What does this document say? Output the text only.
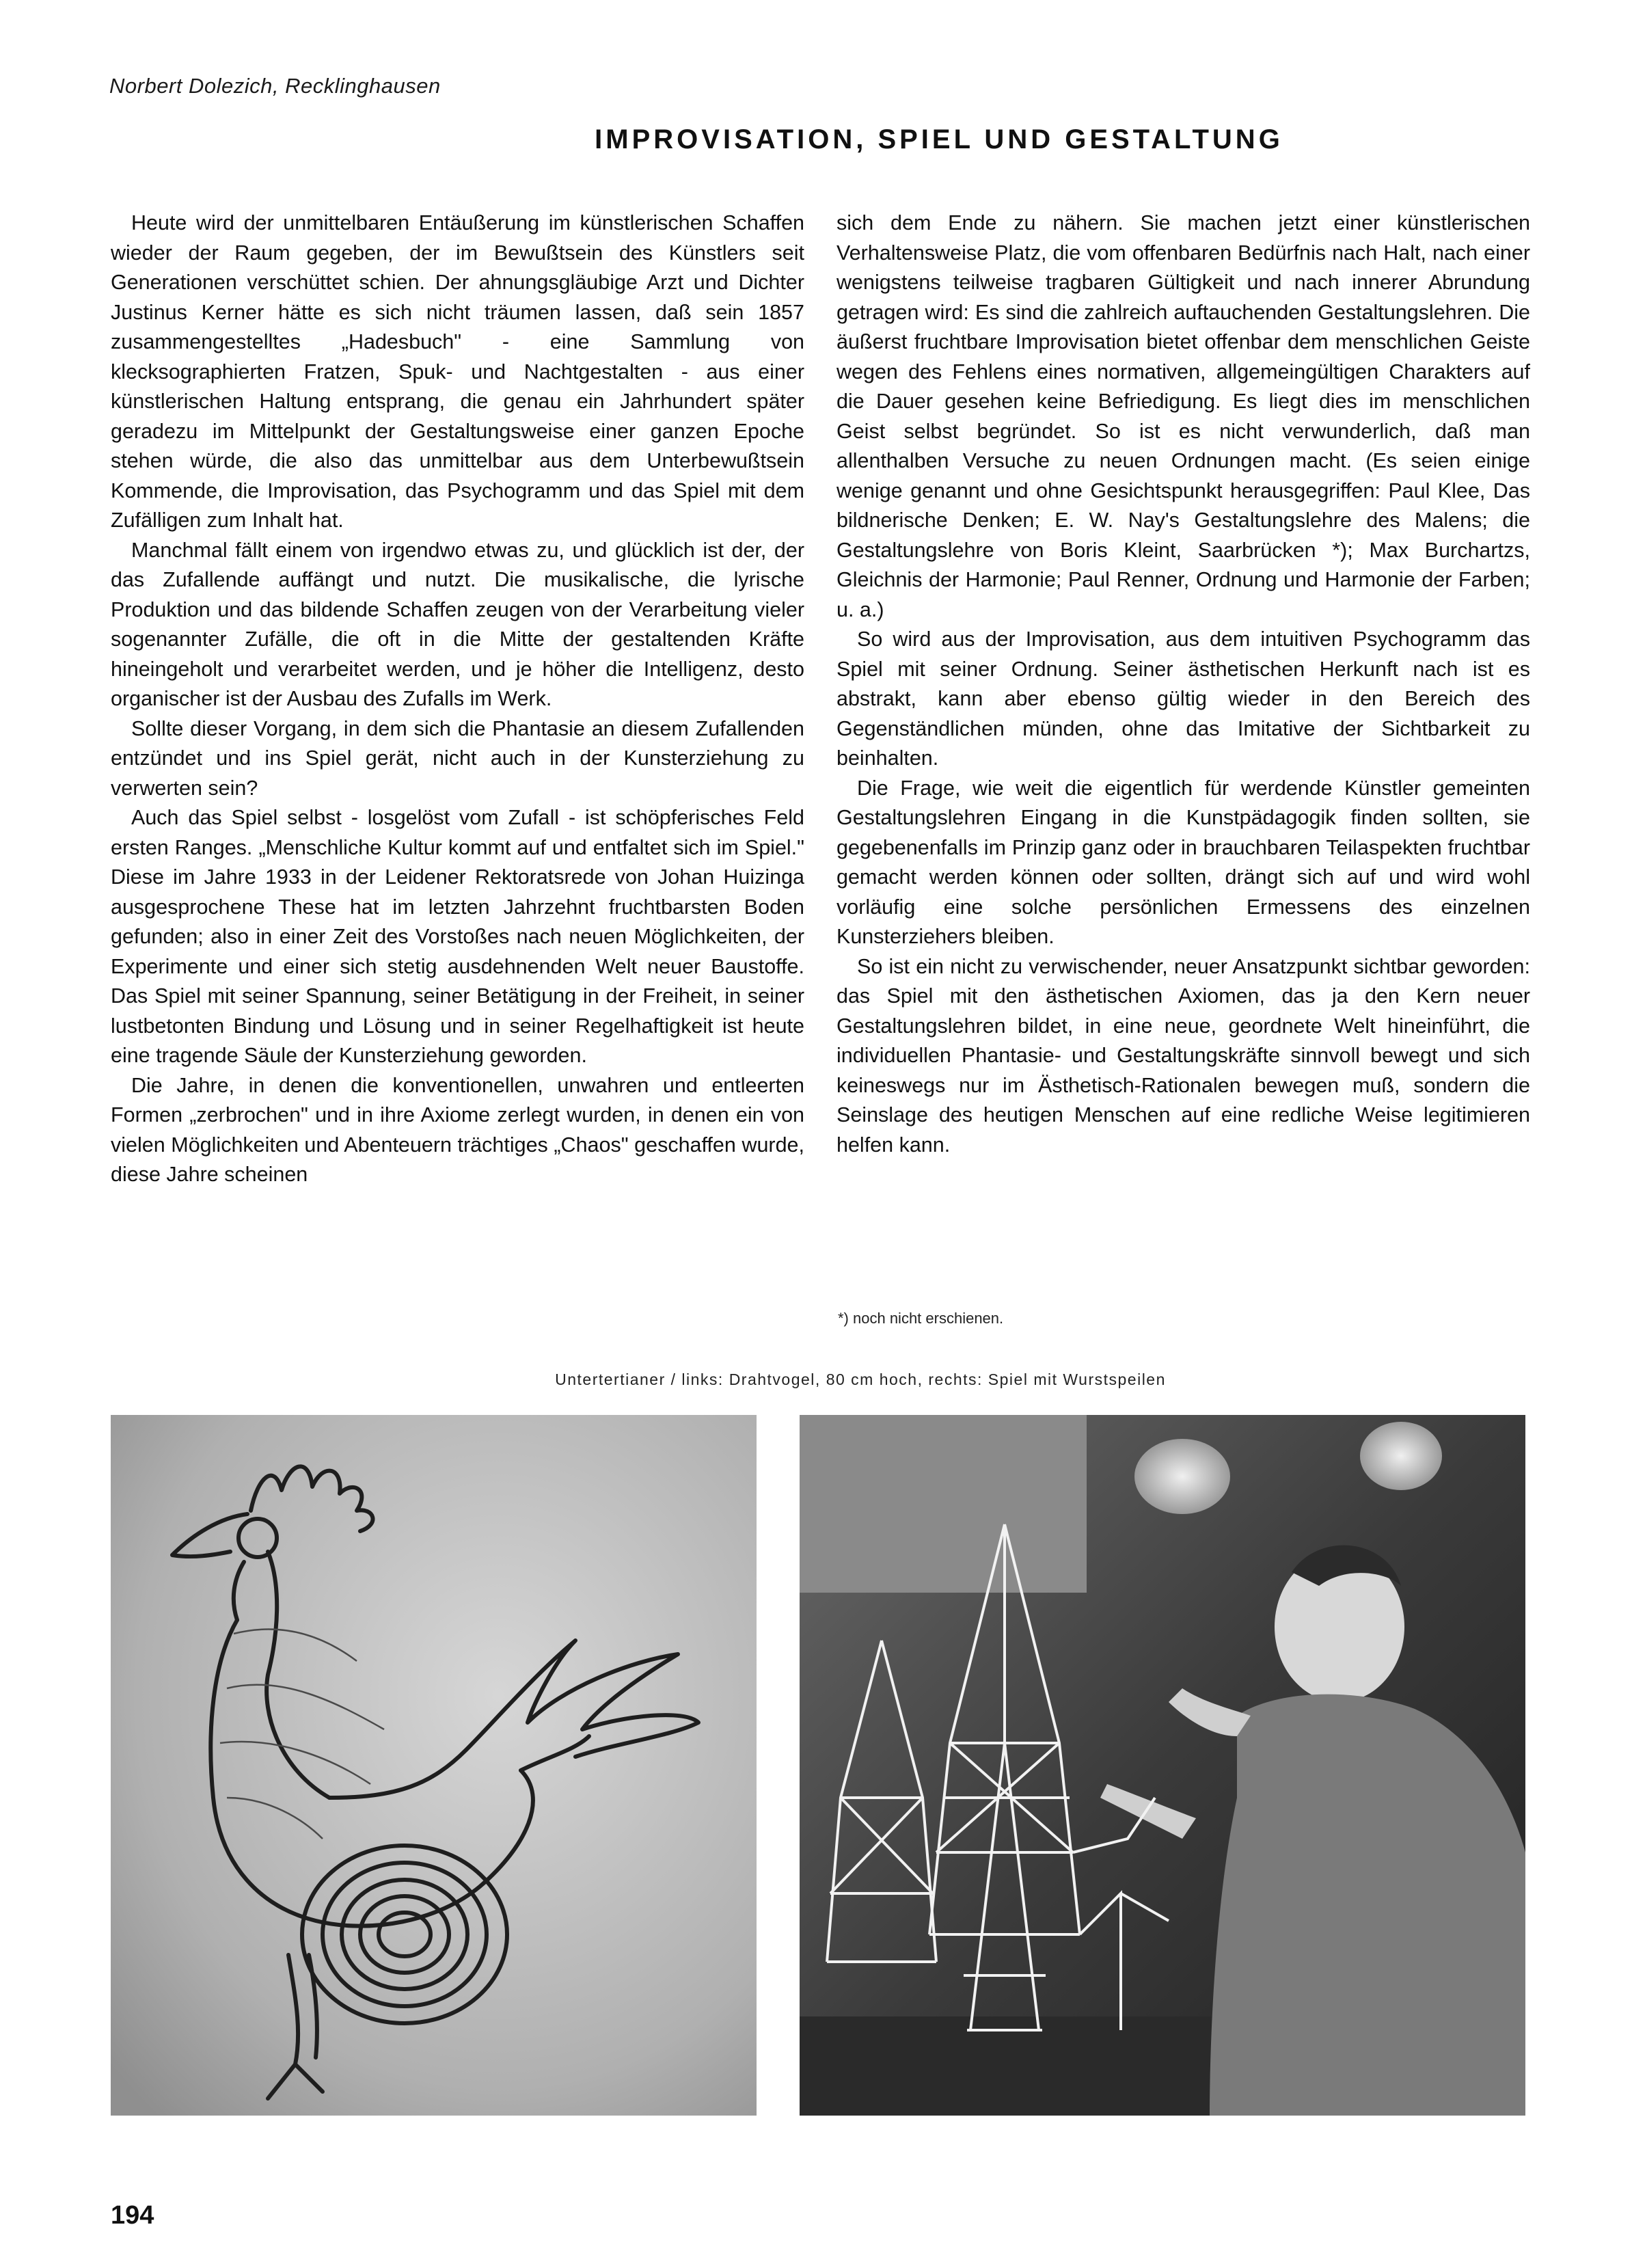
Norbert Dolezich, Recklinghausen
IMPROVISATION, SPIEL UND GESTALTUNG

Heute wird der unmittelbaren Entäußerung im künstlerischen Schaffen wieder der Raum gegeben, der im Bewußtsein des Künstlers seit Generationen verschüttet schien. Der ahnungsgläubige Arzt und Dichter Justinus Kerner hätte es sich nicht träumen lassen, daß sein 1857 zusammengestelltes „Hadesbuch" - eine Sammlung von klecksographierten Fratzen, Spuk- und Nachtgestalten - aus einer künstlerischen Haltung entsprang, die genau ein Jahrhundert später geradezu im Mittelpunkt der Gestaltungsweise einer ganzen Epoche stehen würde, die also das unmittelbar aus dem Unterbewußtsein Kommende, die Improvisation, das Psychogramm und das Spiel mit dem Zufälligen zum Inhalt hat.

Manchmal fällt einem von irgendwo etwas zu, und glücklich ist der, der das Zufallende auffängt und nutzt. Die musikalische, die lyrische Produktion und das bildende Schaffen zeugen von der Verarbeitung vieler sogenannter Zufälle, die oft in die Mitte der gestaltenden Kräfte hineingeholt und verarbeitet werden, und je höher die Intelligenz, desto organischer ist der Ausbau des Zufalls im Werk.

Sollte dieser Vorgang, in dem sich die Phantasie an diesem Zufallenden entzündet und ins Spiel gerät, nicht auch in der Kunsterziehung zu verwerten sein?

Auch das Spiel selbst - losgelöst vom Zufall - ist schöpferisches Feld ersten Ranges. „Menschliche Kultur kommt auf und entfaltet sich im Spiel." Diese im Jahre 1933 in der Leidener Rektoratsrede von Johan Huizinga ausgesprochene These hat im letzten Jahrzehnt fruchtbarsten Boden gefunden; also in einer Zeit des Vorstoßes nach neuen Möglichkeiten, der Experimente und einer sich stetig ausdehnenden Welt neuer Baustoffe. Das Spiel mit seiner Spannung, seiner Betätigung in der Freiheit, in seiner lustbetonten Bindung und Lösung und in seiner Regelhaftigkeit ist heute eine tragende Säule der Kunsterziehung geworden.

Die Jahre, in denen die konventionellen, unwahren und entleerten Formen „zerbrochen" und in ihre Axiome zerlegt wurden, in denen ein von vielen Möglichkeiten und Abenteuern trächtiges „Chaos" geschaffen wurde, diese Jahre scheinen

sich dem Ende zu nähern. Sie machen jetzt einer künstlerischen Verhaltensweise Platz, die vom offenbaren Bedürfnis nach Halt, nach einer wenigstens teilweise tragbaren Gültigkeit und nach innerer Abrundung getragen wird: Es sind die zahlreich auftauchenden Gestaltungslehren. Die äußerst fruchtbare Improvisation bietet offenbar dem menschlichen Geiste wegen des Fehlens eines normativen, allgemeingültigen Charakters auf die Dauer gesehen keine Befriedigung. Es liegt dies im menschlichen Geist selbst begründet. So ist es nicht verwunderlich, daß man allenthalben Versuche zu neuen Ordnungen macht. (Es seien einige wenige genannt und ohne Gesichtspunkt herausgegriffen: Paul Klee, Das bildnerische Denken; E. W. Nay's Gestaltungslehre des Malens; die Gestaltungslehre von Boris Kleint, Saarbrücken *); Max Burchartzs, Gleichnis der Harmonie; Paul Renner, Ordnung und Harmonie der Farben; u. a.)

So wird aus der Improvisation, aus dem intuitiven Psychogramm das Spiel mit seiner Ordnung. Seiner ästhetischen Herkunft nach ist es abstrakt, kann aber ebenso gültig wieder in den Bereich des Gegenständlichen münden, ohne das Imitative der Sichtbarkeit zu beinhalten.

Die Frage, wie weit die eigentlich für werdende Künstler gemeinten Gestaltungslehren Eingang in die Kunstpädagogik finden sollten, sie gegebenenfalls im Prinzip ganz oder in brauchbaren Teilaspekten fruchtbar gemacht werden können oder sollten, drängt sich auf und wird wohl vorläufig eine solche persönlichen Ermessens des einzelnen Kunsterziehers bleiben.

So ist ein nicht zu verwischender, neuer Ansatzpunkt sichtbar geworden: das Spiel mit den ästhetischen Axiomen, das ja den Kern neuer Gestaltungslehren bildet, in eine neue, geordnete Welt hineinführt, die individuellen Phantasie- und Gestaltungskräfte sinnvoll bewegt und sich keineswegs nur im Ästhetisch-Rationalen bewegen muß, sondern die Seinslage des heutigen Menschen auf eine redliche Weise legitimieren helfen kann.

*) noch nicht erschienen.
Untertertianer / links: Drahtvogel, 80 cm hoch, rechts: Spiel mit Wurstspeilen
194
